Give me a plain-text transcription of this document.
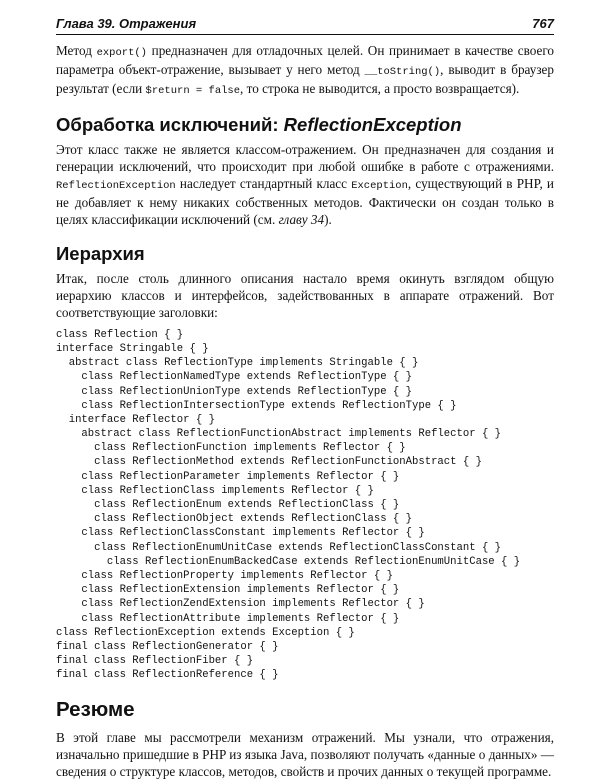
Глава 39. Отражения	767

Метод export() предназначен для отладочных целей. Он принимает в качестве своего параметра объект-отражение, вызывает у него метод __toString(), выводит в браузер результат (если $return = false, то строка не выводится, а просто возвращается).

Обработка исключений: ReflectionException

Этот класс также не является классом-отражением. Он предназначен для создания и генерации исключений, что происходит при любой ошибке в работе с отражениями. ReflectionException наследует стандартный класс Exception, существующий в PHP, и не добавляет к нему никаких собственных методов. Фактически он создан только в целях классификации исключений (см. главу 34).

Иерархия

Итак, после столь длинного описания настало время окинуть взглядом общую иерархию классов и интерфейсов, задействованных в аппарате отражений. Вот соответствующие заголовки:

class Reflection { }
interface Stringable { }
abstract class ReflectionType implements Stringable { }
class ReflectionNamedType extends ReflectionType { }
class ReflectionUnionType extends ReflectionType { }
class ReflectionIntersectionType extends ReflectionType { }
interface Reflector { }
abstract class ReflectionFunctionAbstract implements Reflector { }
class ReflectionFunction implements Reflector { }
class ReflectionMethod extends ReflectionFunctionAbstract { }
class ReflectionParameter implements Reflector { }
class ReflectionClass implements Reflector { }
class ReflectionEnum extends ReflectionClass { }
class ReflectionObject extends ReflectionClass { }
class ReflectionClassConstant implements Reflector { }
class ReflectionEnumUnitCase extends ReflectionClassConstant { }
class ReflectionEnumBackedCase extends ReflectionEnumUnitCase { }
class ReflectionProperty implements Reflector { }
class ReflectionExtension implements Reflector { }
class ReflectionZendExtension implements Reflector { }
class ReflectionAttribute implements Reflector { }
class ReflectionException extends Exception { }
final class ReflectionGenerator { }
final class ReflectionFiber { }
final class ReflectionReference { }
Резюме

В этой главе мы рассмотрели механизм отражений. Мы узнали, что отражения, изначально пришедшие в PHP из языка Java, позволяют получать «данные о данных» — сведения о структуре классов, методов, свойств и прочих данных о текущей программе.
